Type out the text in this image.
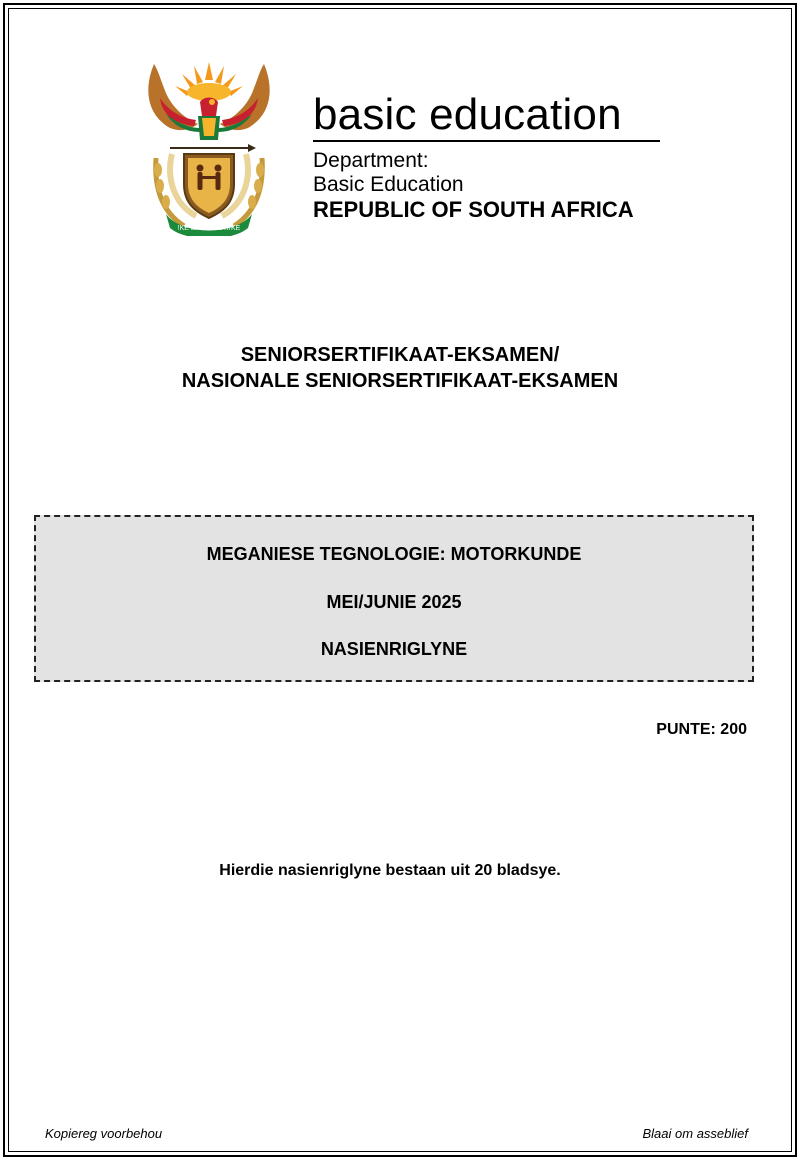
!KE E: /XARRA //KE
basic education
Department:
Basic Education
REPUBLIC OF SOUTH AFRICA
SENIORSERTIFIKAAT-EKSAMEN/
NASIONALE SENIORSERTIFIKAAT-EKSAMEN
MEGANIESE TEGNOLOGIE: MOTORKUNDE
MEI/JUNIE 2025
NASIENRIGLYNE
PUNTE: 200
Hierdie nasienriglyne bestaan uit 20 bladsye.
Kopiereg voorbehou	Blaai om asseblief
